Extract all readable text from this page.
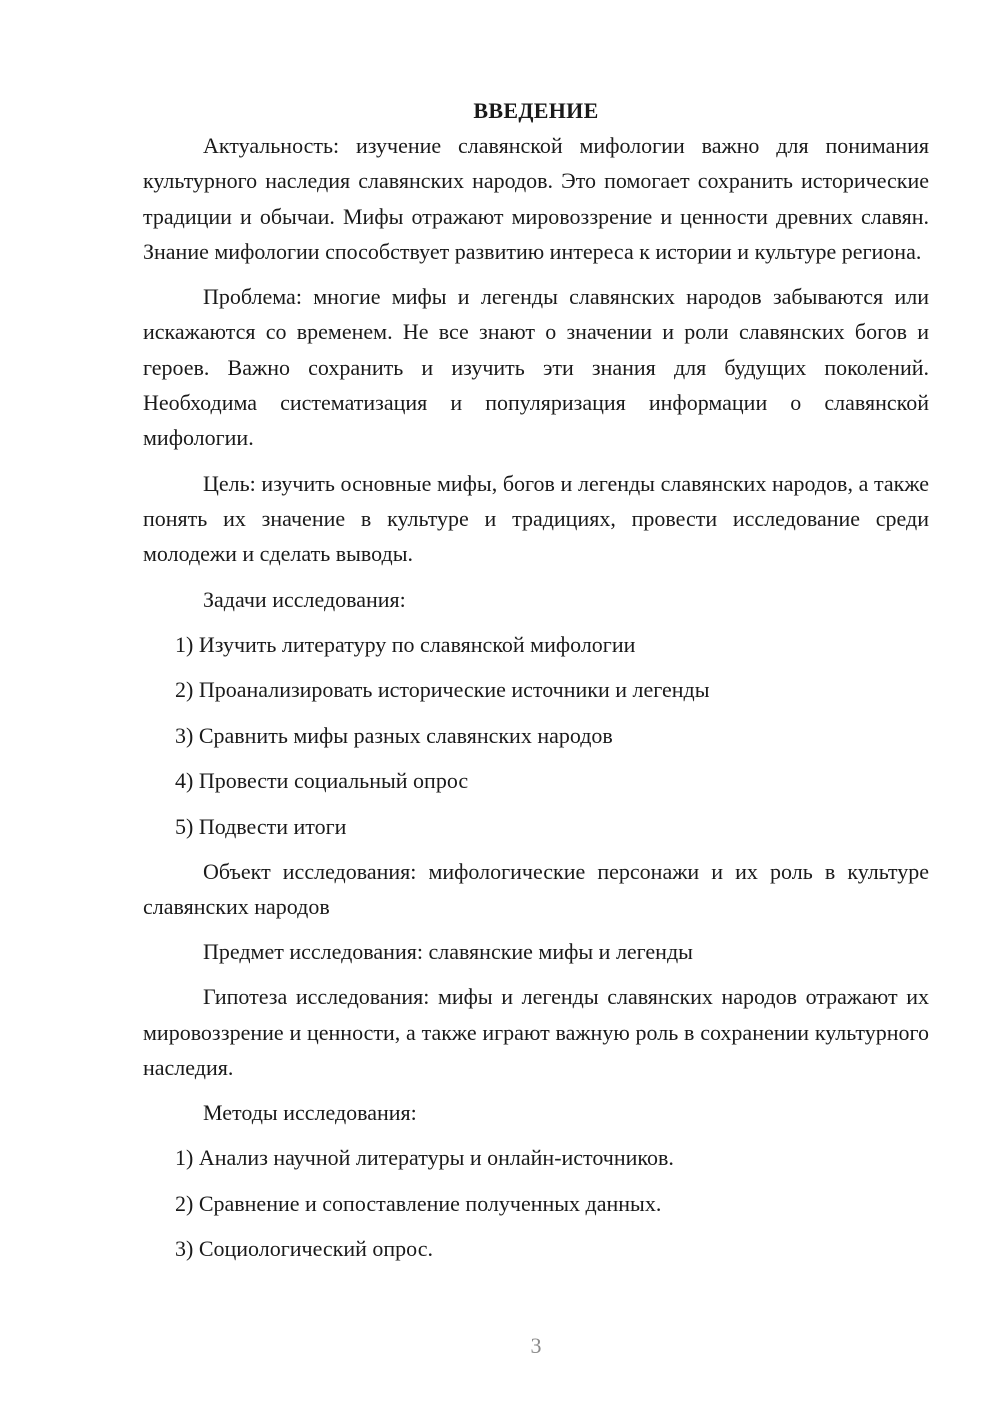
ВВЕДЕНИЕ

Актуальность: изучение славянской мифологии важно для понимания культурного наследия славянских народов. Это помогает сохранить исторические традиции и обычаи. Мифы отражают мировоззрение и ценности древних славян. Знание мифологии способствует развитию интереса к истории и культуре региона.

Проблема: многие мифы и легенды славянских народов забываются или искажаются со временем. Не все знают о значении и роли славянских богов и героев. Важно сохранить и изучить эти знания для будущих поколений. Необходима систематизация и популяризация информации о славянской мифологии.

Цель: изучить основные мифы, богов и легенды славянских народов, а также понять их значение в культуре и традициях, провести исследование среди молодежи и сделать выводы.

Задачи исследования:
1) Изучить литературу по славянской мифологии
2) Проанализировать исторические источники и легенды
3) Сравнить мифы разных славянских народов
4) Провести социальный опрос
5) Подвести итоги

Объект исследования: мифологические персонажи и их роль в культуре славянских народов

Предмет исследования: славянские мифы и легенды

Гипотеза исследования: мифы и легенды славянских народов отражают их мировоззрение и ценности, а также играют важную роль в сохранении культурного наследия.

Методы исследования:
1) Анализ научной литературы и онлайн-источников.
2) Сравнение и сопоставление полученных данных.
3) Социологический опрос.
3
